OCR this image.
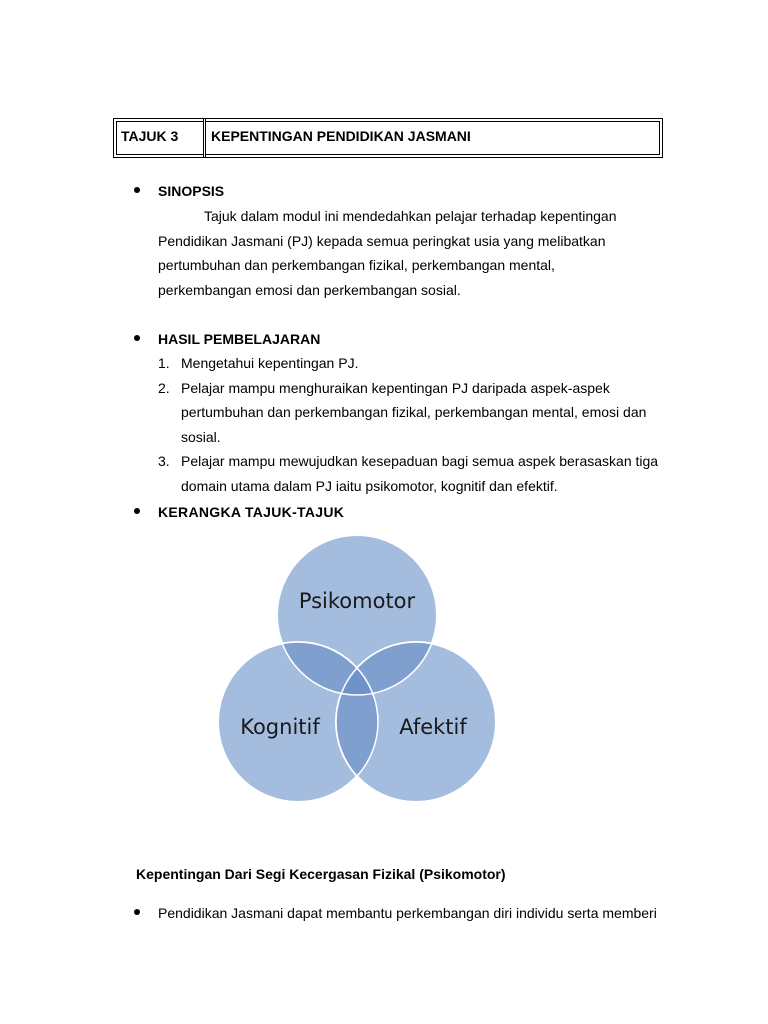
TAJUK 3 KEPENTINGAN PENDIDIKAN JASMANI
SINOPSIS
Tajuk dalam modul ini mendedahkan pelajar terhadap kepentingan
Pendidikan Jasmani (PJ) kepada semua peringkat usia yang melibatkan
pertumbuhan dan perkembangan fizikal, perkembangan mental,
perkembangan emosi dan perkembangan sosial.
HASIL PEMBELAJARAN
1. Mengetahui kepentingan PJ.
2. Pelajar mampu menghuraikan kepentingan PJ daripada aspek-aspek
pertumbuhan dan perkembangan fizikal, perkembangan mental, emosi dan
sosial.
3. Pelajar mampu mewujudkan kesepaduan bagi semua aspek berasaskan tiga
domain utama dalam PJ iaitu psikomotor, kognitif dan efektif.
KERANGKA TAJUK-TAJUK
Psikomotor
Kognitif	Afektif
Kepentingan Dari Segi Kecergasan Fizikal (Psikomotor)
Pendidikan Jasmani dapat membantu perkembangan diri individu serta memberi
